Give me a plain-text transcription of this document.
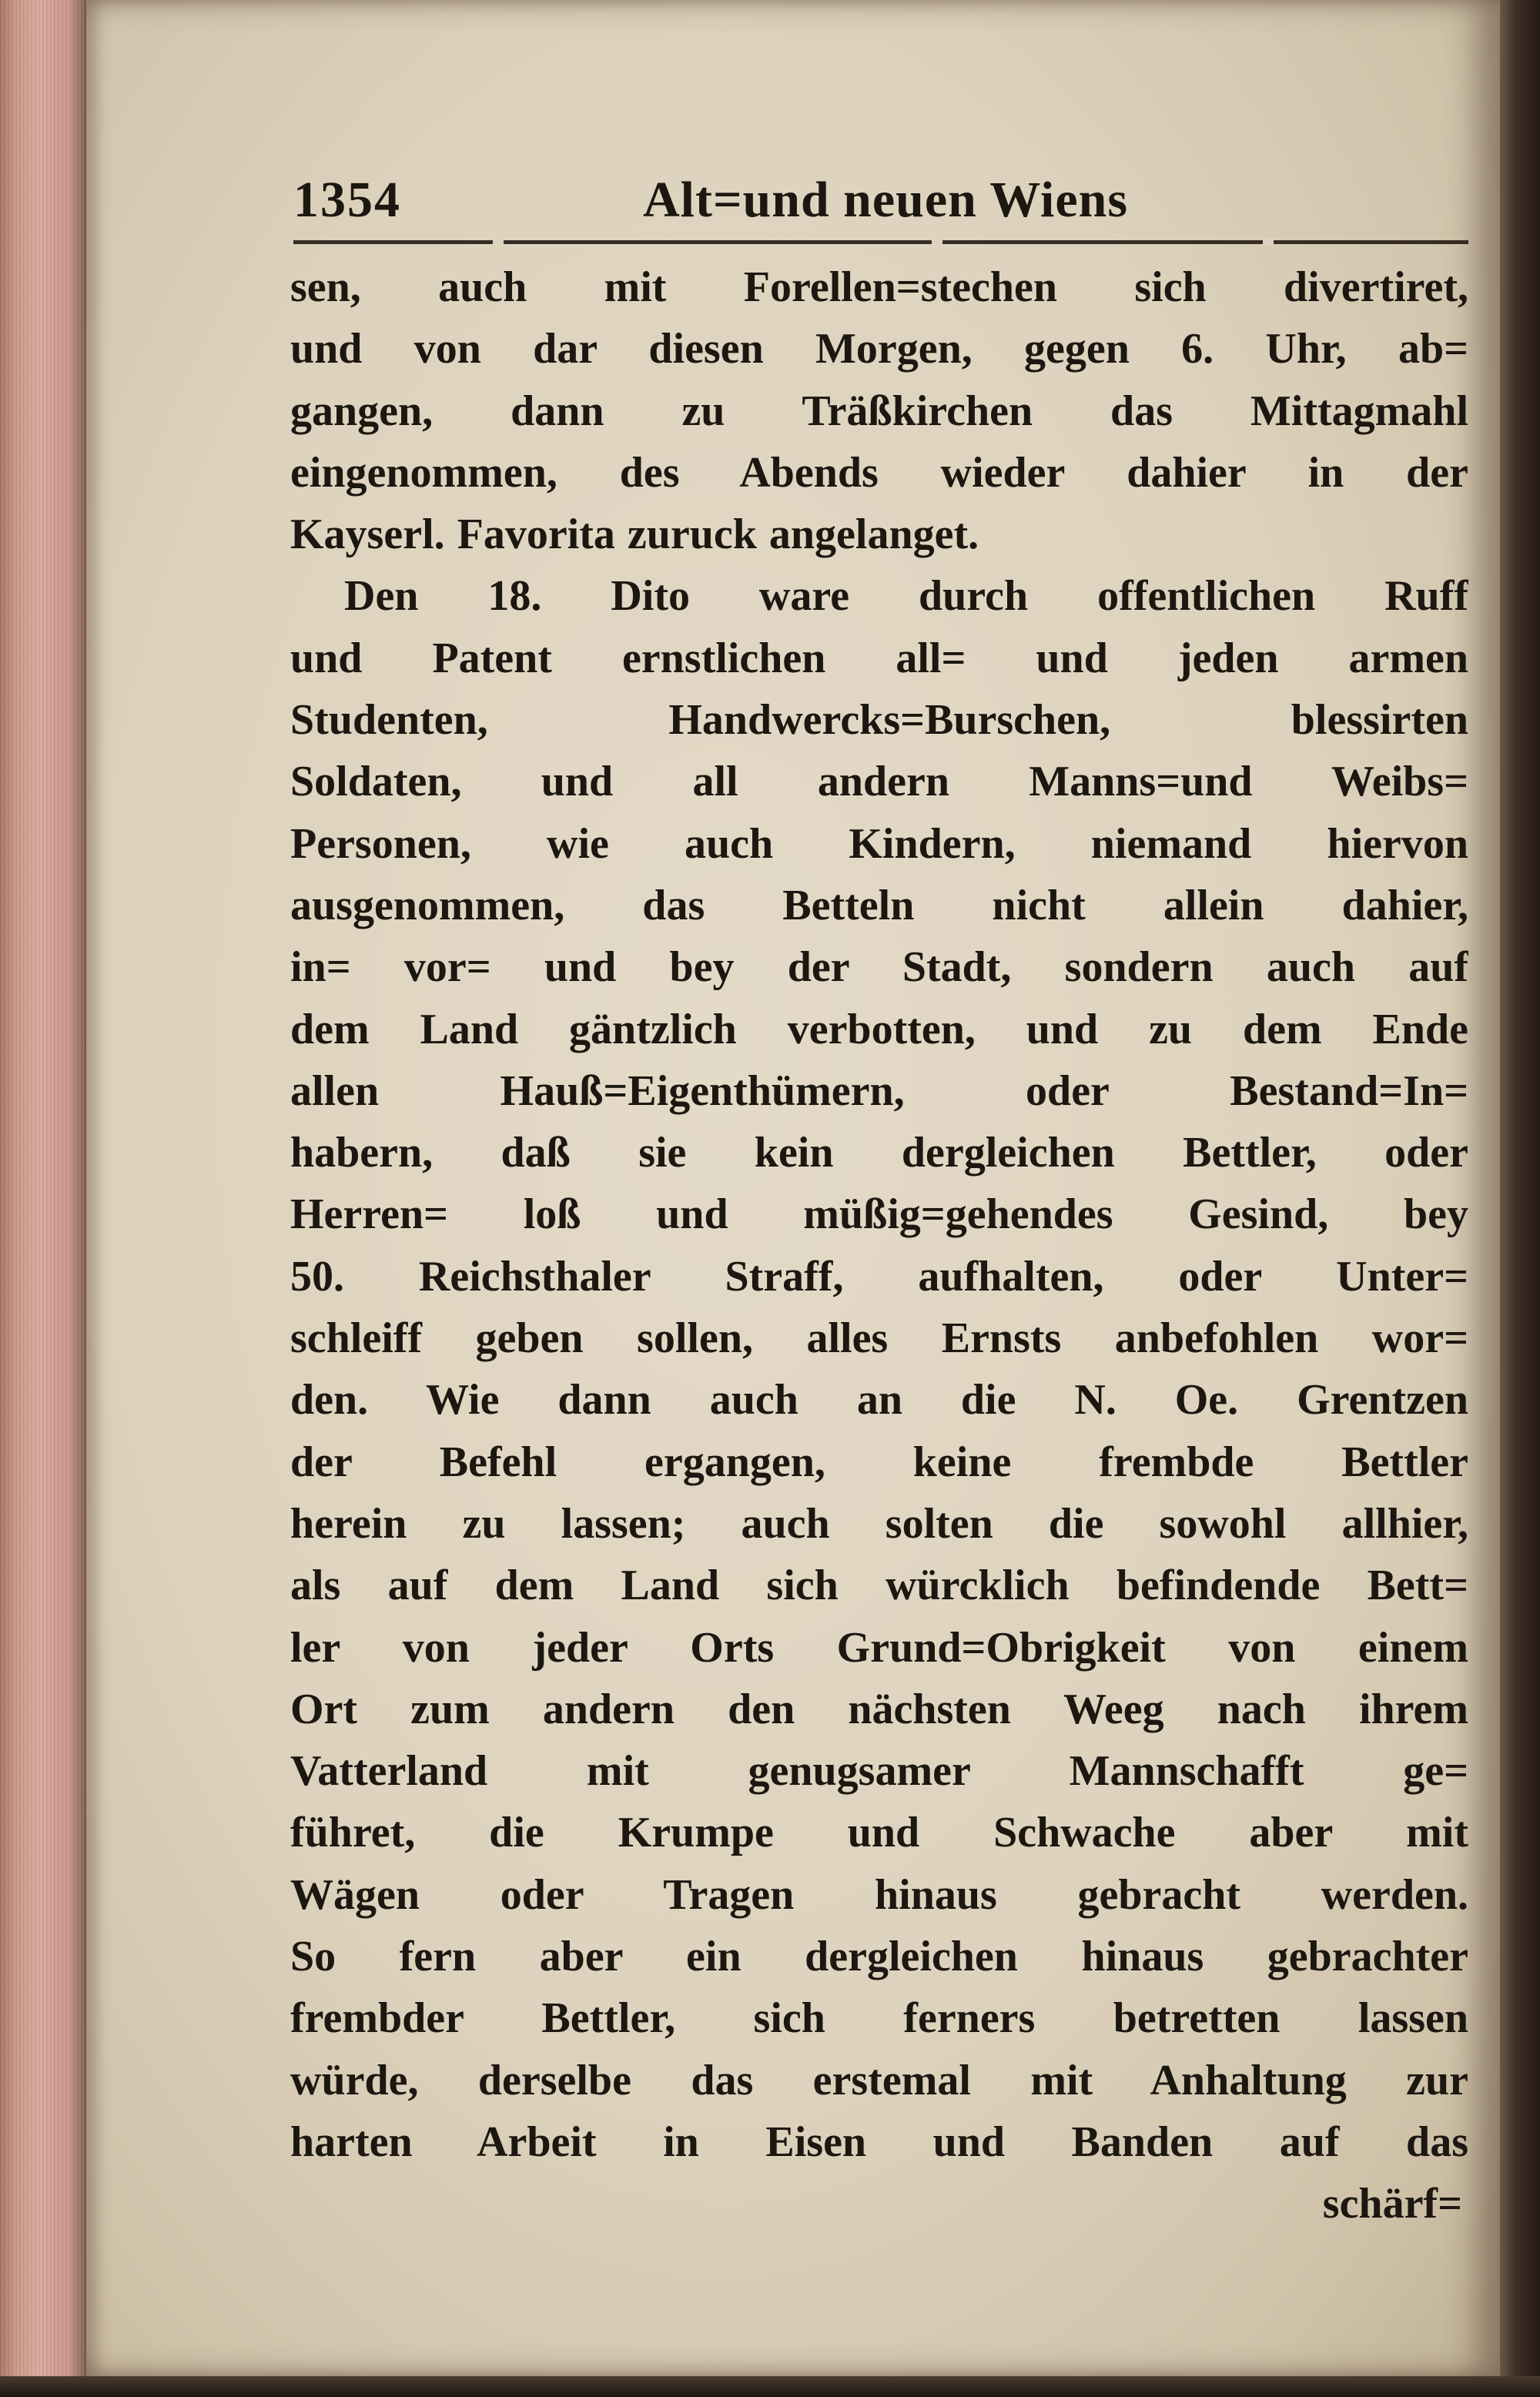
1354	Alt=und neuen Wiens
sen, auch mit Forellen=stechen sich divertiret,
und von dar diesen Morgen, gegen 6. Uhr, ab=
gangen, dann zu Träßkirchen das Mittagmahl
eingenommen, des Abends wieder dahier in der
Kayserl. Favorita zuruck angelanget.
Den 18. Dito ware durch offentlichen Ruff
und Patent ernstlichen all= und jeden armen
Studenten, Handwercks=Burschen, blessirten
Soldaten, und all andern Manns=und Weibs=
Personen, wie auch Kindern, niemand hiervon
ausgenommen, das Betteln nicht allein dahier,
in= vor= und bey der Stadt, sondern auch auf
dem Land gäntzlich verbotten, und zu dem Ende
allen Hauß=Eigenthümern, oder Bestand=In=
habern, daß sie kein dergleichen Bettler, oder
Herren= loß und müßig=gehendes Gesind, bey
50. Reichsthaler Straff, aufhalten, oder Unter=
schleiff geben sollen, alles Ernsts anbefohlen wor=
den. Wie dann auch an die N. Oe. Grentzen
der Befehl ergangen, keine frembde Bettler
herein zu lassen; auch solten die sowohl allhier,
als auf dem Land sich würcklich befindende Bett=
ler von jeder Orts Grund=Obrigkeit von einem
Ort zum andern den nächsten Weeg nach ihrem
Vatterland mit genugsamer Mannschafft ge=
führet, die Krumpe und Schwache aber mit
Wägen oder Tragen hinaus gebracht werden.
So fern aber ein dergleichen hinaus gebrachter
frembder Bettler, sich ferners betretten lassen
würde, derselbe das erstemal mit Anhaltung zur
harten Arbeit in Eisen und Banden auf das
schärf=
